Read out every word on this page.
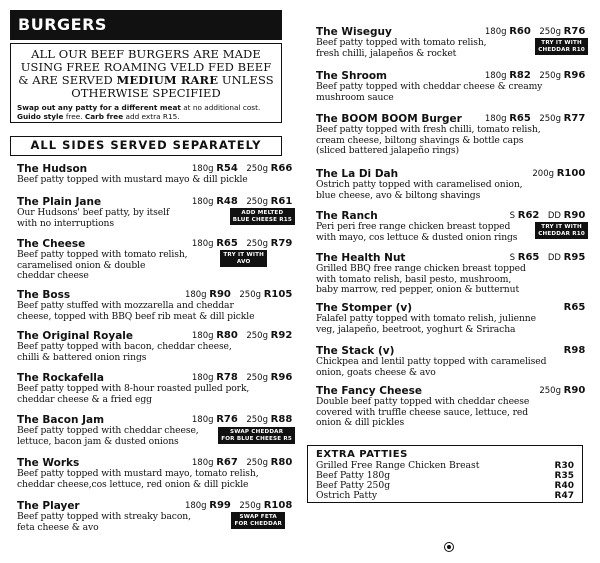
BURGERS
ALL OUR BEEF BURGERS ARE MADE
USING FREE ROAMING VELD FED BEEF
& ARE SERVED MEDIUM RARE UNLESS
OTHERWISE SPECIFIED
Swap out any patty for a different meat at no additional cost. Guido style free. Carb free add extra R15.
ALL SIDES SERVED SEPARATELY
The Hudson	180g R54  250g R66
Beef patty topped with mustard mayo & dill pickle
The Plain Jane	180g R48  250g R61
Our Hudsons' beef patty, by itself
with no interruptions
ADD MELTED
BLUE CHEESE R15
The Cheese	180g R65  250g R79
Beef patty topped with tomato relish,
caramelised onion & double
cheddar cheese
TRY IT WITH
AVO
The Boss	180g R90  250g R105
Beef patty stuffed with mozzarella and cheddar
cheese, topped with BBQ beef rib meat & dill pickle
The Original Royale	180g R80  250g R92
Beef patty topped with bacon, cheddar cheese,
chilli & battered onion rings
The Rockafella	180g R78  250g R96
Beef patty topped with 8-hour roasted pulled pork,
cheddar cheese & a fried egg
The Bacon Jam	180g R76  250g R88
Beef patty topped with cheddar cheese,
lettuce, bacon jam & dusted onions
SWAP CHEDDAR
FOR BLUE CHEESE R5
The Works	180g R67  250g R80
Beef patty topped with mustard mayo, tomato relish,
cheddar cheese,cos lettuce, red onion & dill pickle
The Player	180g R99  250g R108
Beef patty topped with streaky bacon,
feta cheese & avo
SWAP FETA
FOR CHEDDAR
The Wiseguy	180g R60  250g R76
Beef patty topped with tomato relish,
fresh chilli, jalapeños & rocket
TRY IT WITH
CHEDDAR R10
The Shroom	180g R82  250g R96
Beef patty topped with cheddar cheese & creamy
mushroom sauce
The BOOM BOOM Burger	180g R65  250g R77
Beef patty topped with fresh chilli, tomato relish,
cream cheese, biltong shavings & bottle caps
(sliced battered jalapeño rings)
The La Di Dah	200g R100
Ostrich patty topped with caramelised onion,
blue cheese, avo & biltong shavings
The Ranch	S R62  DD R90
Peri peri free range chicken breast topped
with mayo, cos lettuce & dusted onion rings
TRY IT WITH
CHEDDAR R10
The Health Nut	S R65  DD R95
Grilled BBQ free range chicken breast topped
with tomato relish, basil pesto, mushroom,
baby marrow, red pepper, onion & butternut
The Stomper (v)	R65
Falafel patty topped with tomato relish, julienne
veg, jalapeño, beetroot, yoghurt & Sriracha
The Stack (v)	R98
Chickpea and lentil patty topped with caramelised
onion, goats cheese & avo
The Fancy Cheese	250g R90
Double beef patty topped with cheddar cheese
covered with truffle cheese sauce, lettuce, red
onion & dill pickles
EXTRA PATTIES
Grilled Free Range Chicken Breast	R30
Beef Patty 180g	R35
Beef Patty 250g	R40
Ostrich Patty	R47
